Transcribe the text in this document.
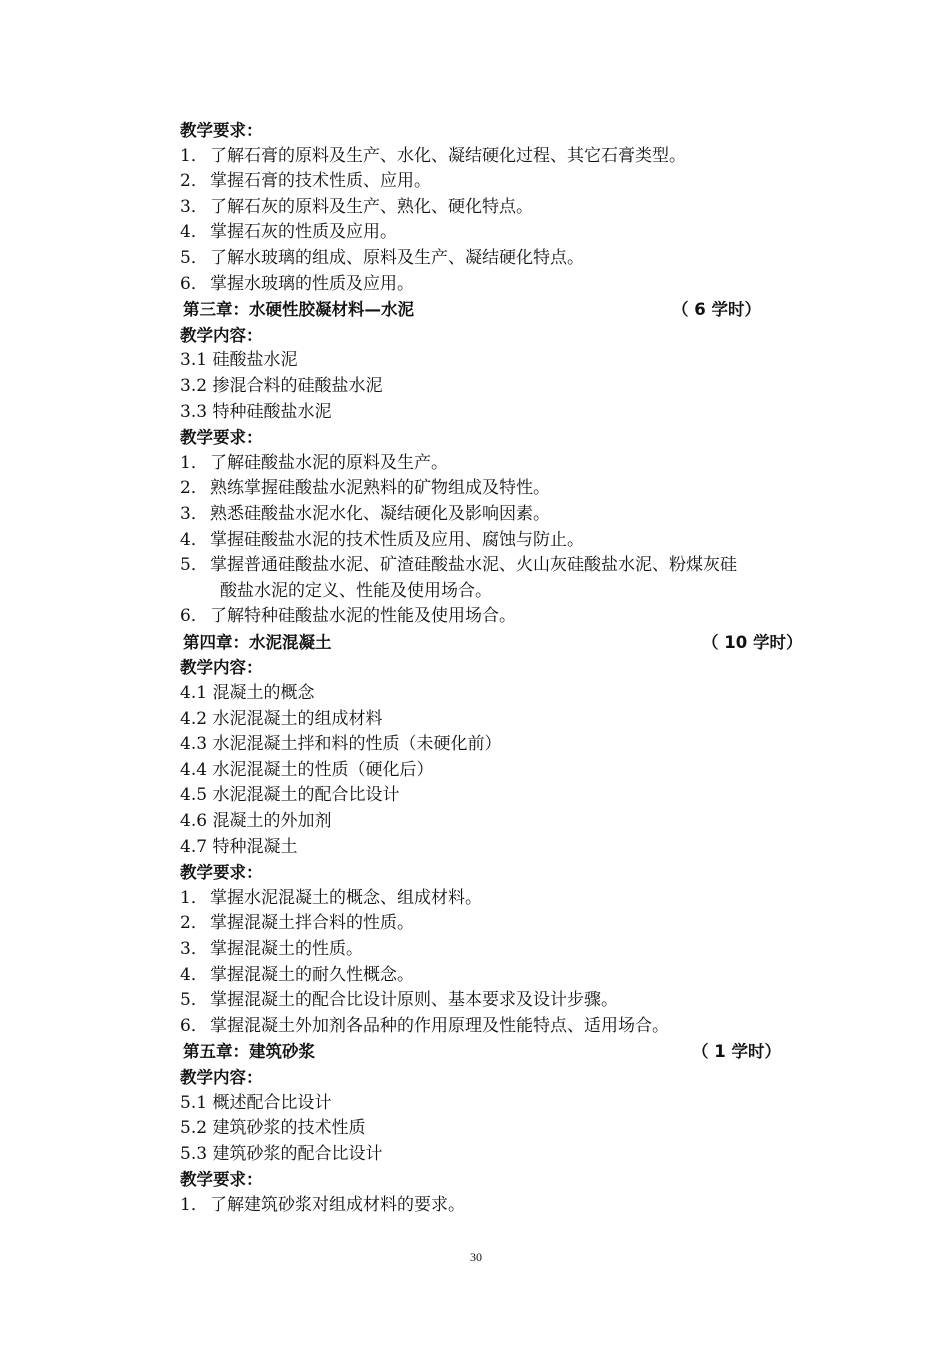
教学要求：
1． 了解石膏的原料及生产、水化、凝结硬化过程、其它石膏类型。
2． 掌握石膏的技术性质、应用。
3． 了解石灰的原料及生产、熟化、硬化特点。
4． 掌握石灰的性质及应用。
5． 了解水玻璃的组成、原料及生产、凝结硬化特点。
6． 掌握水玻璃的性质及应用。
第三章：水硬性胶凝材料—水泥	（ 6 学时）
教学内容：
3.1 硅酸盐水泥
3.2 掺混合料的硅酸盐水泥
3.3 特种硅酸盐水泥
教学要求：
1． 了解硅酸盐水泥的原料及生产。
2． 熟练掌握硅酸盐水泥熟料的矿物组成及特性。
3． 熟悉硅酸盐水泥水化、凝结硬化及影响因素。
4． 掌握硅酸盐水泥的技术性质及应用、腐蚀与防止。
5． 掌握普通硅酸盐水泥、矿渣硅酸盐水泥、火山灰硅酸盐水泥、粉煤灰硅
酸盐水泥的定义、性能及使用场合。
6． 了解特种硅酸盐水泥的性能及使用场合。
第四章：水泥混凝土	（ 10 学时）
教学内容：
4.1 混凝土的概念
4.2 水泥混凝土的组成材料
4.3 水泥混凝土拌和料的性质（未硬化前）
4.4 水泥混凝土的性质（硬化后）
4.5 水泥混凝土的配合比设计
4.6 混凝土的外加剂
4.7 特种混凝土
教学要求：
1． 掌握水泥混凝土的概念、组成材料。
2． 掌握混凝土拌合料的性质。
3． 掌握混凝土的性质。
4． 掌握混凝土的耐久性概念。
5． 掌握混凝土的配合比设计原则、基本要求及设计步骤。
6． 掌握混凝土外加剂各品种的作用原理及性能特点、适用场合。
第五章：建筑砂浆	（ 1 学时）
教学内容：
5.1 概述配合比设计
5.2 建筑砂浆的技术性质
5.3 建筑砂浆的配合比设计
教学要求：
1． 了解建筑砂浆对组成材料的要求。
30
